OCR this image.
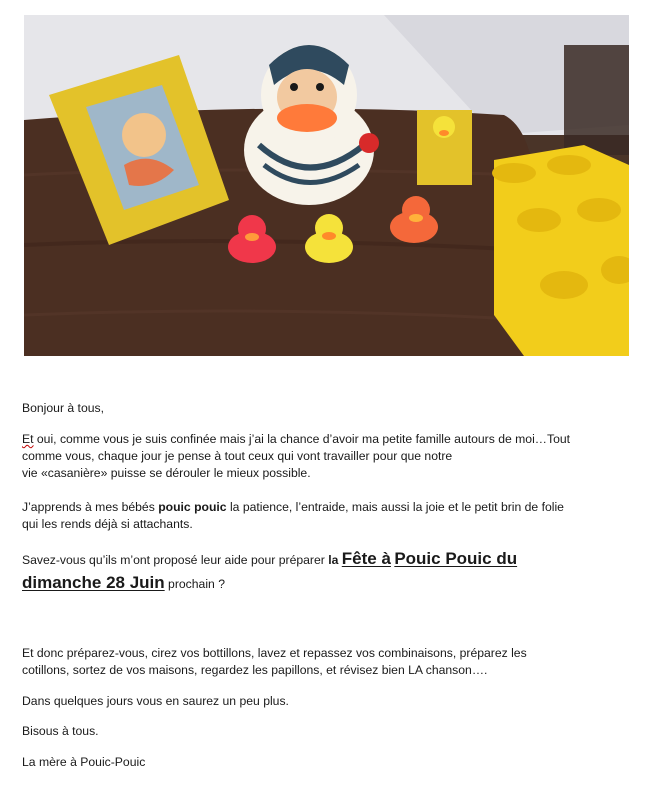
Bonjour à tous,

Et oui, comme vous je suis confinée mais j’ai la chance d’avoir ma petite famille autours de moi…Tout
comme vous, chaque jour je pense à tout ceux qui vont travailler pour que notre
vie «casanière» puisse se dérouler le mieux possible.

J’apprends à mes bébés pouic pouic la patience, l’entraide, mais aussi la joie et le petit brin de folie
qui les rends déjà si attachants.

Savez-vous qu’ils m’ont proposé leur aide pour préparer la Fête à Pouic Pouic du
dimanche 28 Juin prochain ?

Et donc préparez-vous, cirez vos bottillons, lavez et repassez vos combinaisons, préparez les
cotillons, sortez de vos maisons, regardez les papillons, et révisez bien LA chanson….

Dans quelques jours vous en saurez un peu plus.

Bisous à tous.

La mère à Pouic-Pouic
